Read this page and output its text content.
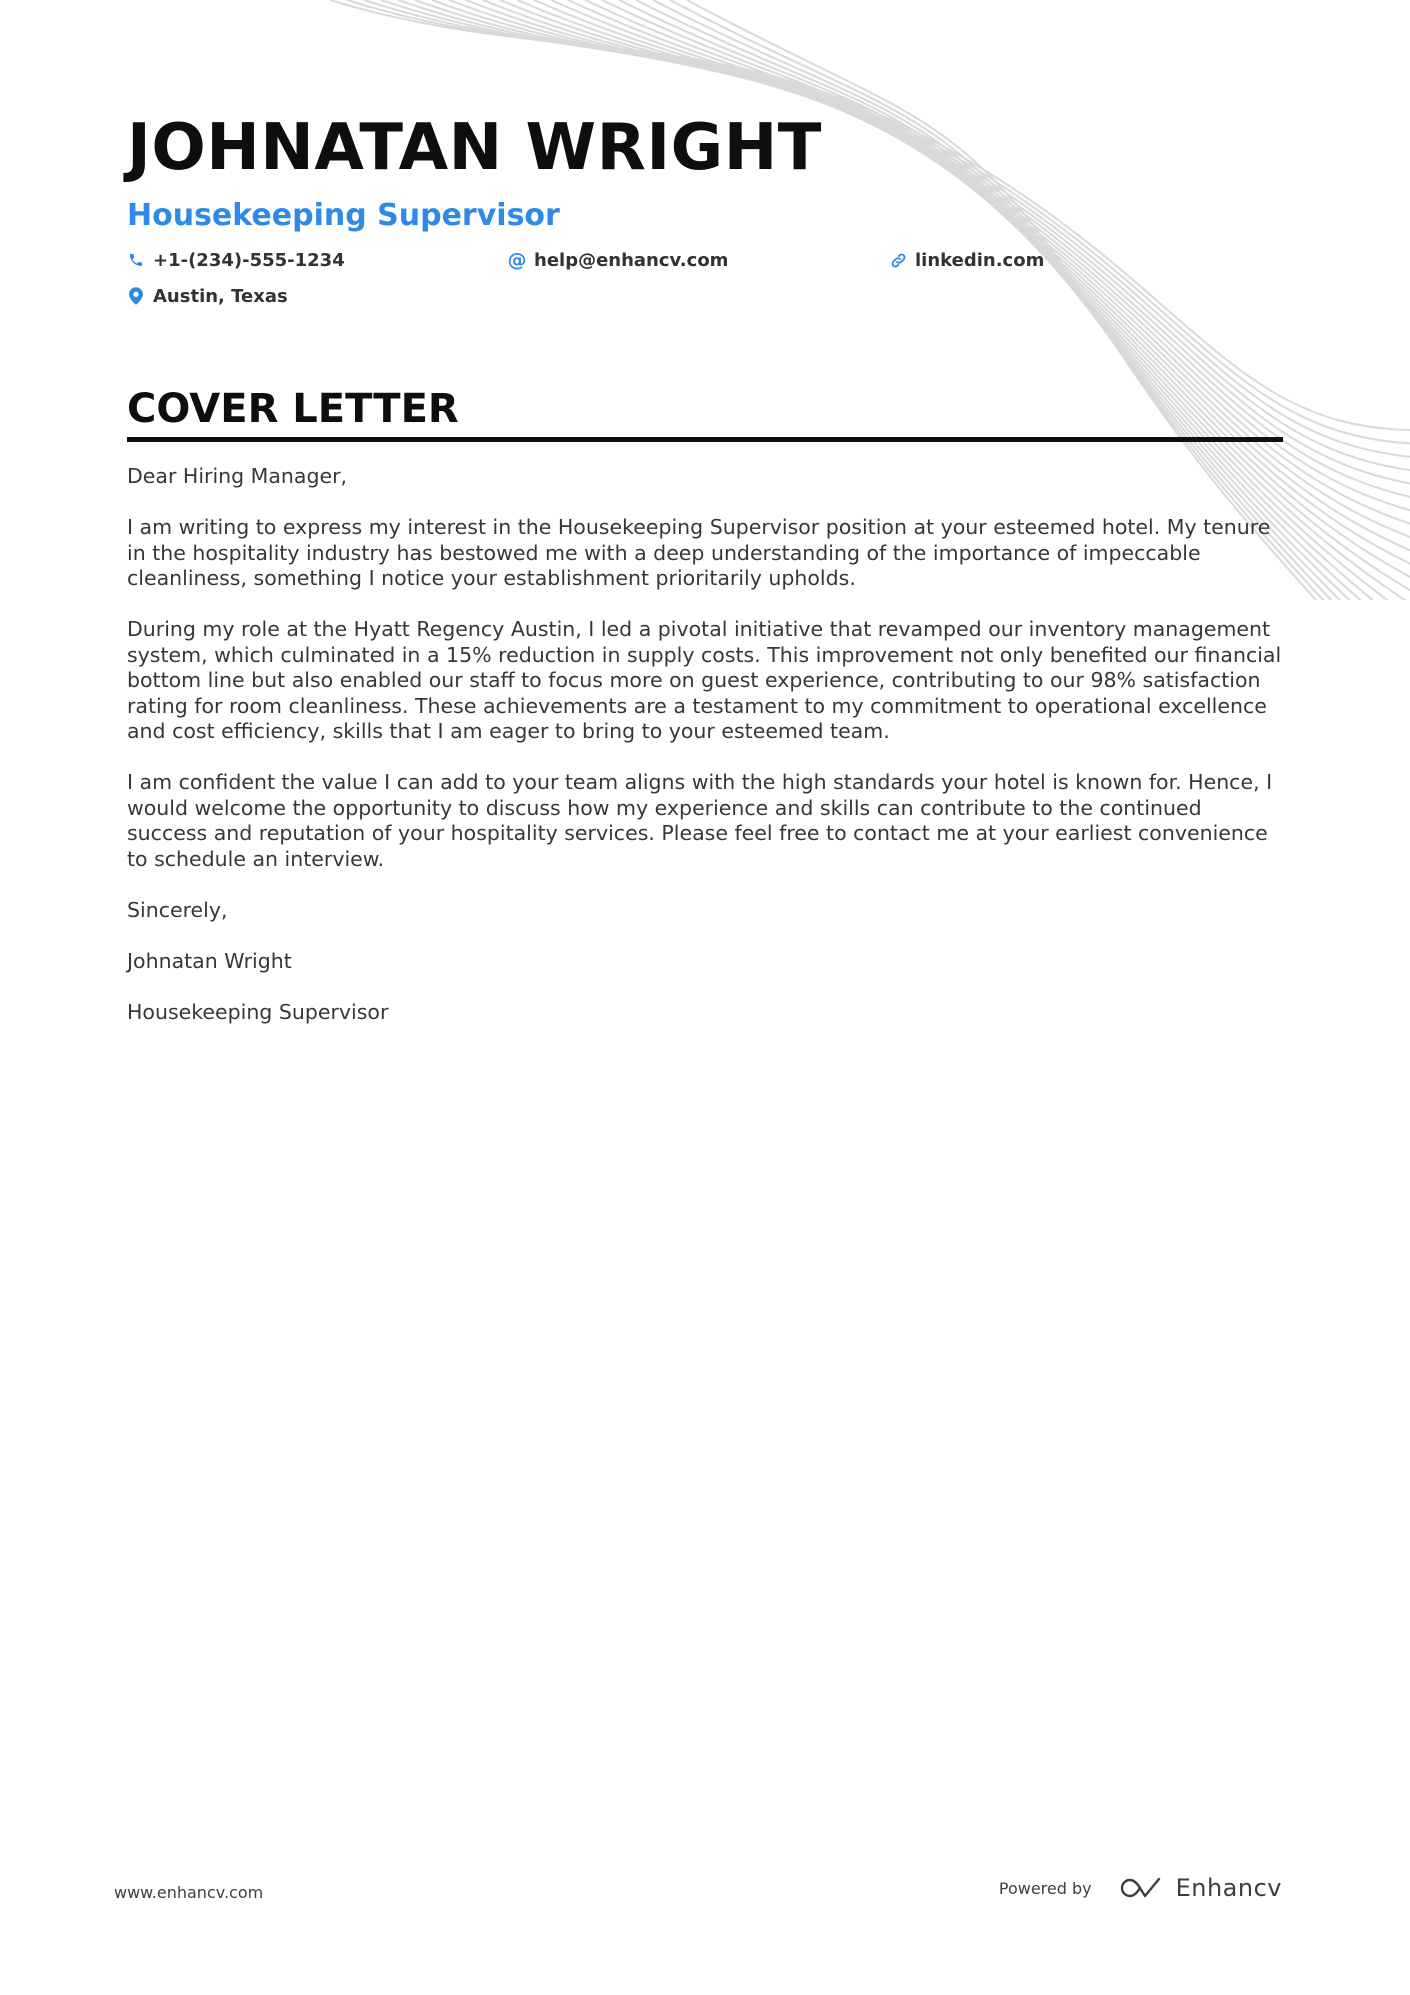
JOHNATAN WRIGHT
Housekeeping Supervisor
+1-(234)-555-1234	@ help@enhancv.com	linkedin.com
Austin, Texas
COVER LETTER

Dear Hiring Manager,

I am writing to express my interest in the Housekeeping Supervisor position at your esteemed hotel. My tenure in the hospitality industry has bestowed me with a deep understanding of the importance of impeccable cleanliness, something I notice your establishment prioritarily upholds.

During my role at the Hyatt Regency Austin, I led a pivotal initiative that revamped our inventory management system, which culminated in a 15% reduction in supply costs. This improvement not only benefited our financial bottom line but also enabled our staff to focus more on guest experience, contributing to our 98% satisfaction rating for room cleanliness. These achievements are a testament to my commitment to operational excellence and cost efficiency, skills that I am eager to bring to your esteemed team.

I am confident the value I can add to your team aligns with the high standards your hotel is known for. Hence, I would welcome the opportunity to discuss how my experience and skills can contribute to the continued success and reputation of your hospitality services. Please feel free to contact me at your earliest convenience to schedule an interview.

Sincerely,

Johnatan Wright

Housekeeping Supervisor

www.enhancv.com	Powered by	Enhancv
